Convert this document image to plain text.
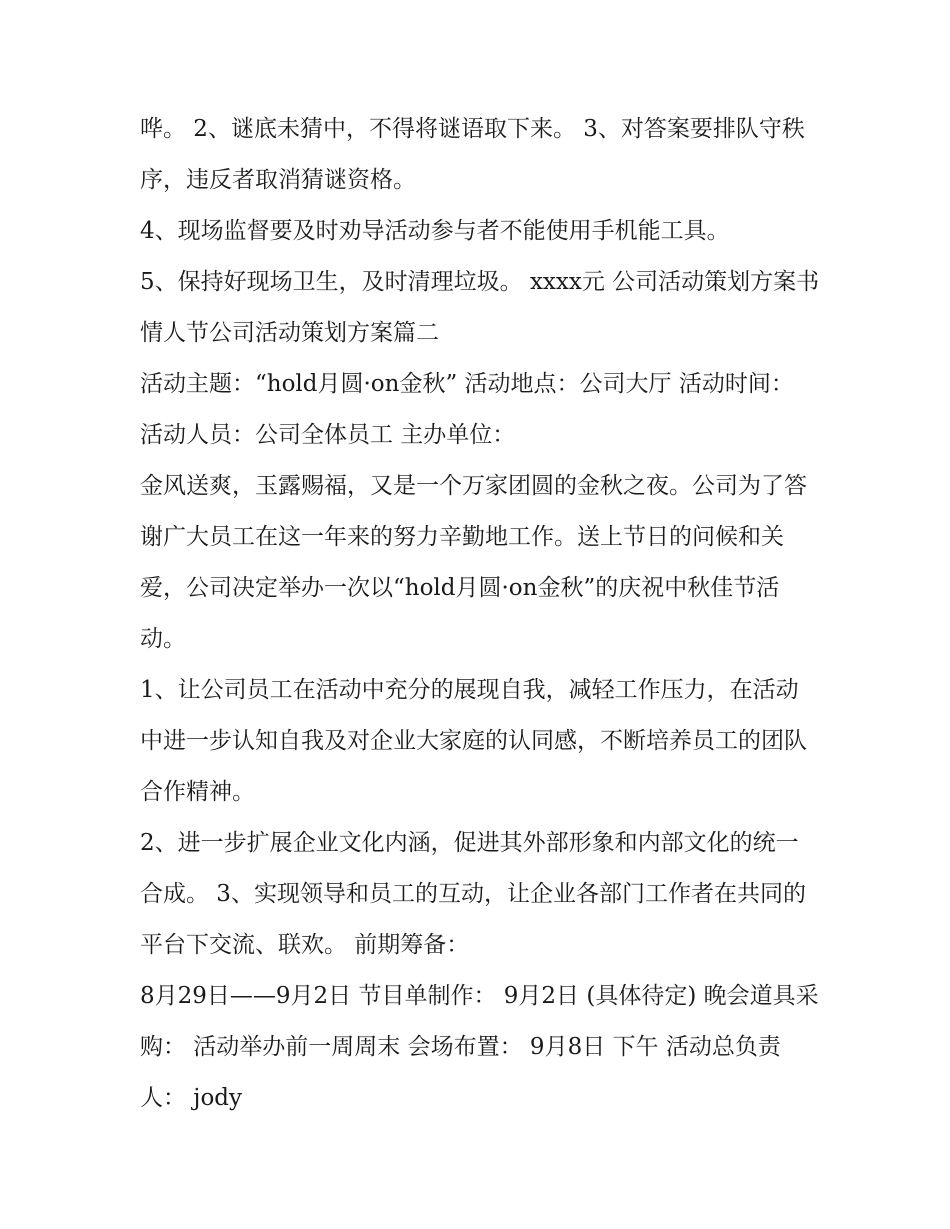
哗。 2、谜底未猜中，不得将谜语取下来。 3、对答案要排队守秩序，违反者取消猜谜资格。

4、现场监督要及时劝导活动参与者不能使用手机能工具。

5、保持好现场卫生，及时清理垃圾。 xxxx元 公司活动策划方案书 情人节公司活动策划方案篇二

活动主题：“hold月圆·on金秋” 活动地点：公司大厅 活动时间： 活动人员：公司全体员工 主办单位：

金风送爽，玉露赐福，又是一个万家团圆的金秋之夜。公司为了答谢广大员工在这一年来的努力辛勤地工作。送上节日的问候和关爱，公司决定举办一次以“hold月圆·on金秋”的庆祝中秋佳节活动。

1、让公司员工在活动中充分的展现自我，减轻工作压力，在活动中进一步认知自我及对企业大家庭的认同感，不断培养员工的团队合作精神。

2、进一步扩展企业文化内涵，促进其外部形象和内部文化的统一合成。 3、实现领导和员工的互动，让企业各部门工作者在共同的平台下交流、联欢。 前期筹备：

8月29日——9月2日 节目单制作： 9月2日 (具体待定) 晚会道具采购： 活动举办前一周周末 会场布置： 9月8日 下午 活动总负责人： jody
